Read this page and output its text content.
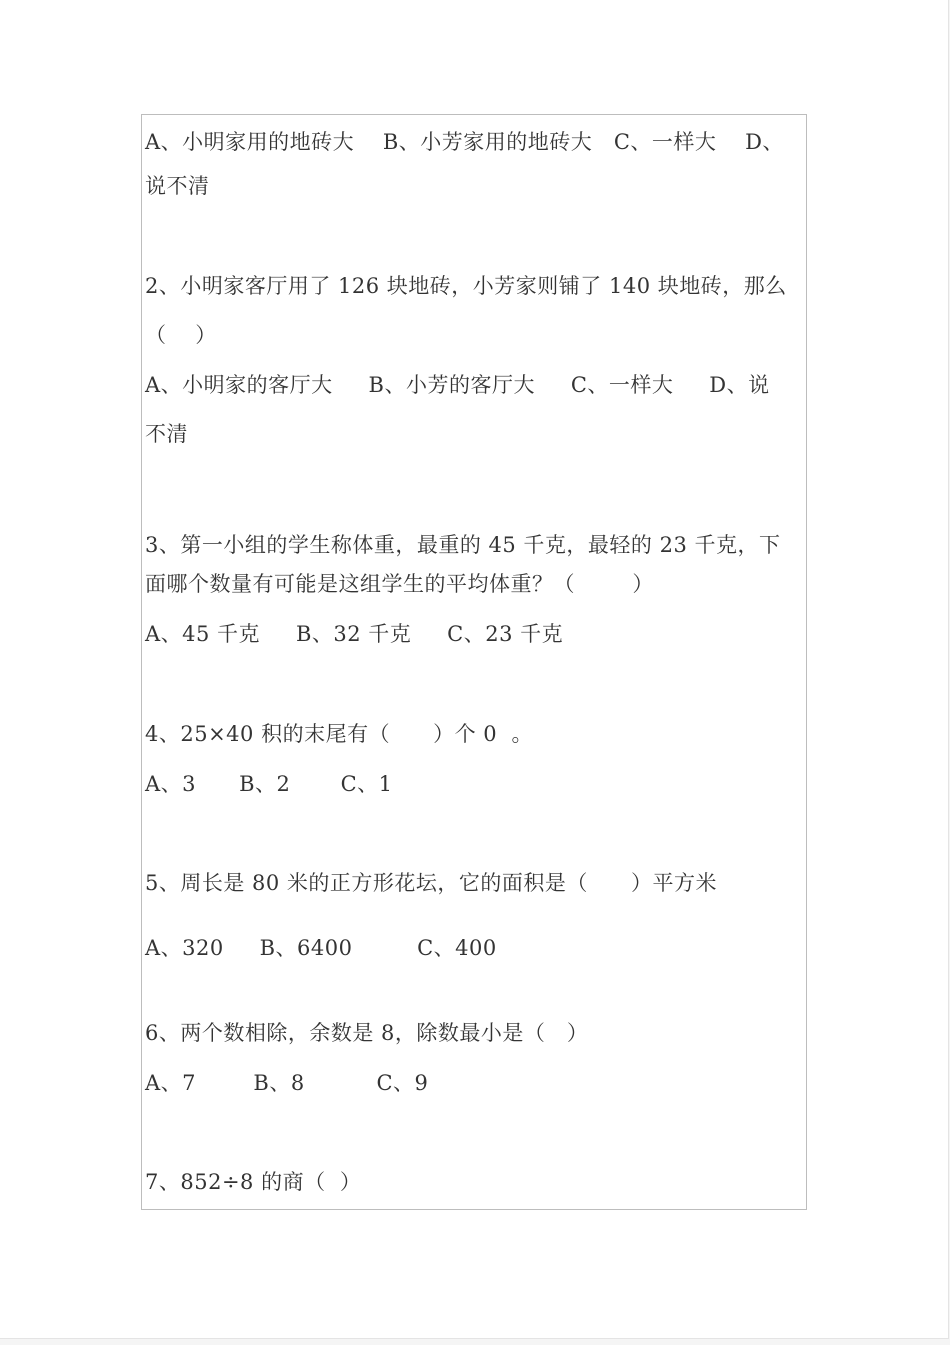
A、小明家用的地砖大    B、小芳家用的地砖大   C、一样大    D、
说不清
2、小明家客厅用了 126 块地砖，小芳家则铺了 140 块地砖，那么
（    ）
A、小明家的客厅大     B、小芳的客厅大     C、一样大     D、说
不清
3、第一小组的学生称体重，最重的 45 千克，最轻的 23 千克，下
面哪个数量有可能是这组学生的平均体重？（        ）
A、45 千克     B、32 千克     C、23 千克
4、25×40 积的末尾有（      ）个 0  。
A、3      B、2       C、1
5、周长是 80 米的正方形花坛，它的面积是（      ）平方米
A、320     B、6400         C、400
6、两个数相除，余数是 8，除数最小是（   ）
A、7        B、8          C、9
7、852÷8 的商（  ）
